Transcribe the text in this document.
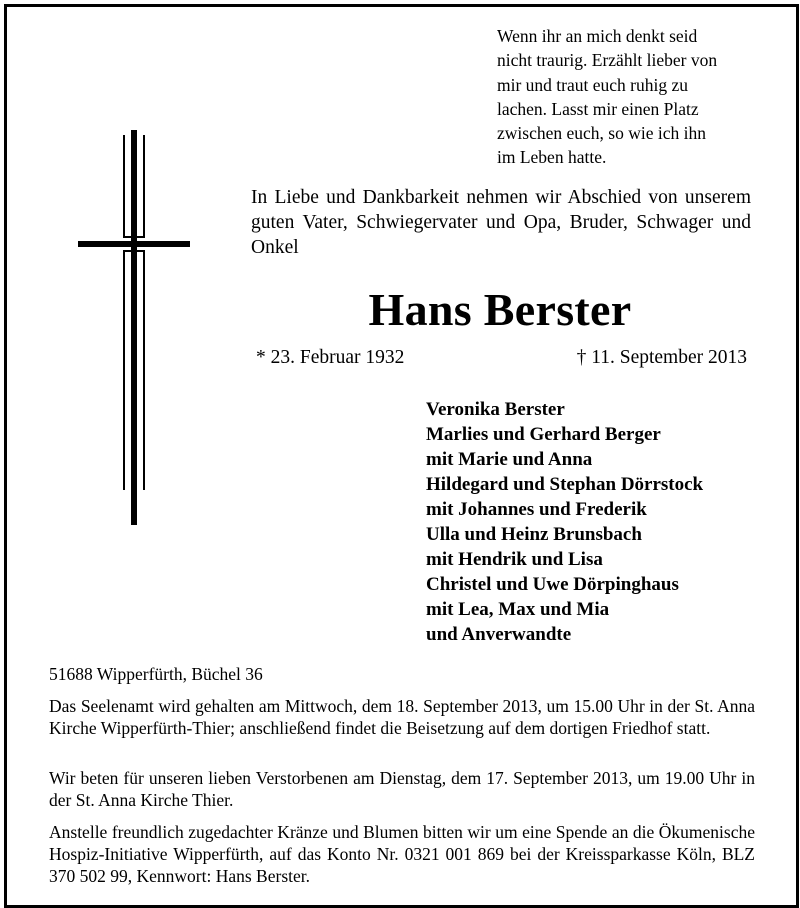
Wenn ihr an mich denkt seid
nicht traurig. Erzählt lieber von
mir und traut euch ruhig zu
lachen. Lasst mir einen Platz
zwischen euch, so wie ich ihn
im Leben hatte.
In Liebe und Dankbarkeit nehmen wir Abschied von unserem guten Vater, Schwiegervater und Opa, Bruder, Schwager und Onkel
Hans Berster
* 23. Februar 1932	† 11. September 2013
Veronika Berster
Marlies und Gerhard Berger
mit Marie und Anna
Hildegard und Stephan Dörrstock
mit Johannes und Frederik
Ulla und Heinz Brunsbach
mit Hendrik und Lisa
Christel und Uwe Dörpinghaus
mit Lea, Max und Mia
und Anverwandte
51688 Wipperfürth, Büchel 36
Das Seelenamt wird gehalten am Mittwoch, dem 18. September 2013, um 15.00 Uhr in der St. Anna Kirche Wipperfürth-Thier; anschließend findet die Beisetzung auf dem dortigen Friedhof statt.
Wir beten für unseren lieben Verstorbenen am Dienstag, dem 17. September 2013, um 19.00 Uhr in der St. Anna Kirche Thier.
Anstelle freundlich zugedachter Kränze und Blumen bitten wir um eine Spende an die Ökumenische Hospiz-Initiative Wipperfürth, auf das Konto Nr. 0321 001 869 bei der Kreissparkasse Köln, BLZ 370 502 99, Kennwort: Hans Berster.
